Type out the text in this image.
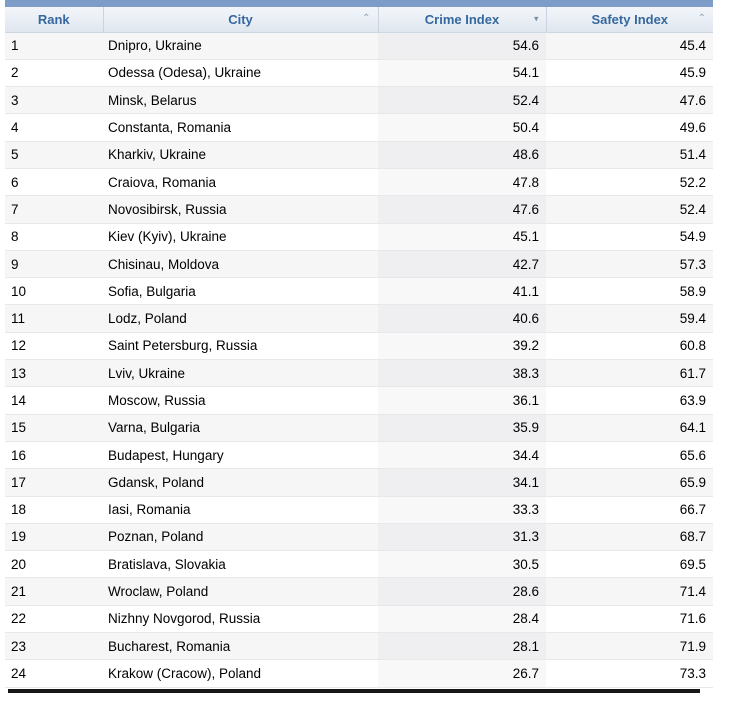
Rank	City ⌃	Crime Index ▾	Safety Index ⌃

1	Dnipro, Ukraine	54.6	45.4
2	Odessa (Odesa), Ukraine	54.1	45.9
3	Minsk, Belarus	52.4	47.6
4	Constanta, Romania	50.4	49.6
5	Kharkiv, Ukraine	48.6	51.4
6	Craiova, Romania	47.8	52.2
7	Novosibirsk, Russia	47.6	52.4
8	Kiev (Kyiv), Ukraine	45.1	54.9
9	Chisinau, Moldova	42.7	57.3
10	Sofia, Bulgaria	41.1	58.9
11	Lodz, Poland	40.6	59.4
12	Saint Petersburg, Russia	39.2	60.8
13	Lviv, Ukraine	38.3	61.7
14	Moscow, Russia	36.1	63.9
15	Varna, Bulgaria	35.9	64.1
16	Budapest, Hungary	34.4	65.6
17	Gdansk, Poland	34.1	65.9
18	Iasi, Romania	33.3	66.7
19	Poznan, Poland	31.3	68.7
20	Bratislava, Slovakia	30.5	69.5
21	Wroclaw, Poland	28.6	71.4
22	Nizhny Novgorod, Russia	28.4	71.6
23	Bucharest, Romania	28.1	71.9
24	Krakow (Cracow), Poland	26.7	73.3
